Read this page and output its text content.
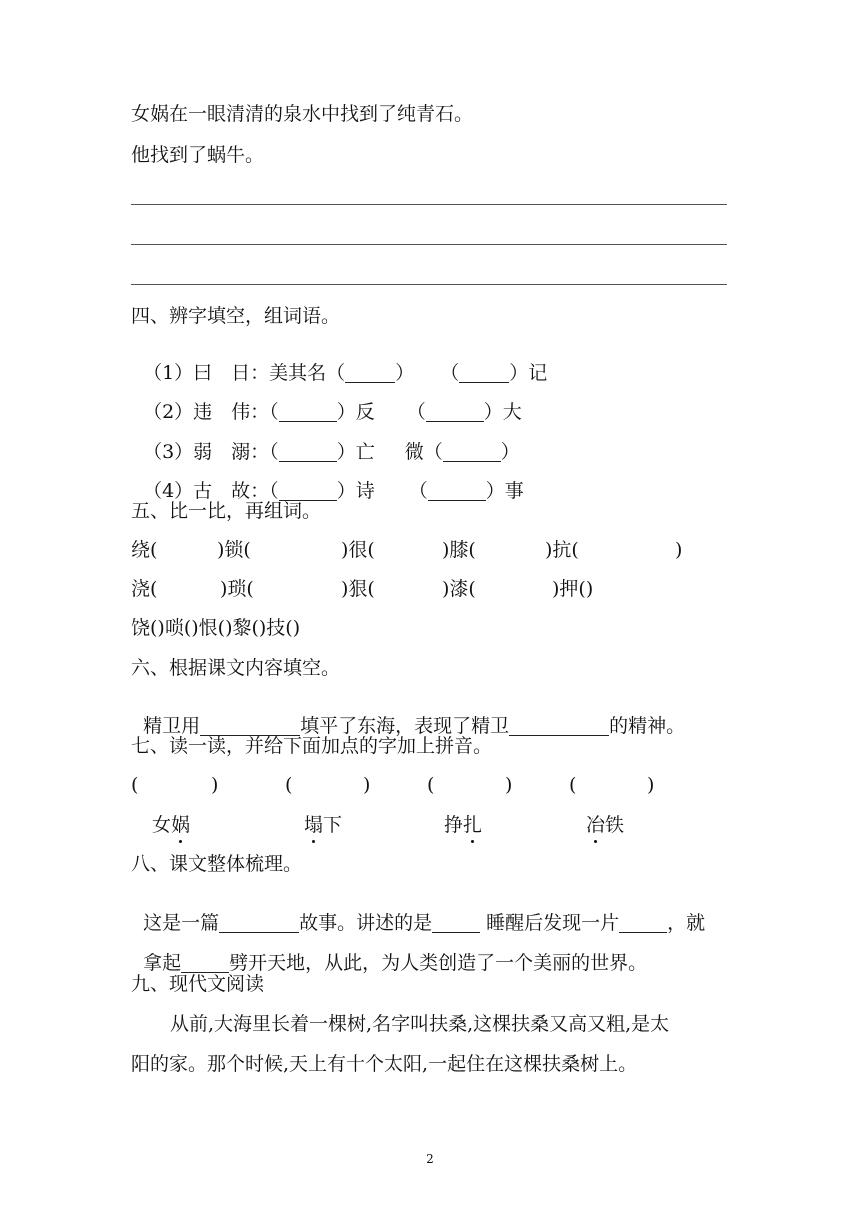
女娲在一眼清清的泉水中找到了纯青石。
他找到了蜗牛。
四、辨字填空，组词语。

（1）曰　日：美其名（	） （	）记

（2）违　伟：（	）反 （	）大

（3）弱　溺：（	）亡 微（	）

（4）古　故：（	）诗 （	）事

五、比一比，再组词。
绕(	)锁(	)很(	)膝(	)抗(	)
浇(	)琐(	)狠(	)漆(	)押()
饶()唢()恨()黎()技()
六、根据课文内容填空。

精卫用	填平了东海，表现了精卫	的精神。

七、读一读，并给下面加点的字加上拼音。
(	)	(	)	(	)	(	)
女娲	塌下	挣扎	冶铁
八、课文整体梳理。

这是一篇	故事。讲述的是	睡醒后发现一片	，就

拿起	劈开天地，从此，为人类创造了一个美丽的世界。

九、现代文阅读
从前,大海里长着一棵树,名字叫扶桑,这棵扶桑又高又粗,是太
阳的家。那个时候,天上有十个太阳,一起住在这棵扶桑树上。
2
